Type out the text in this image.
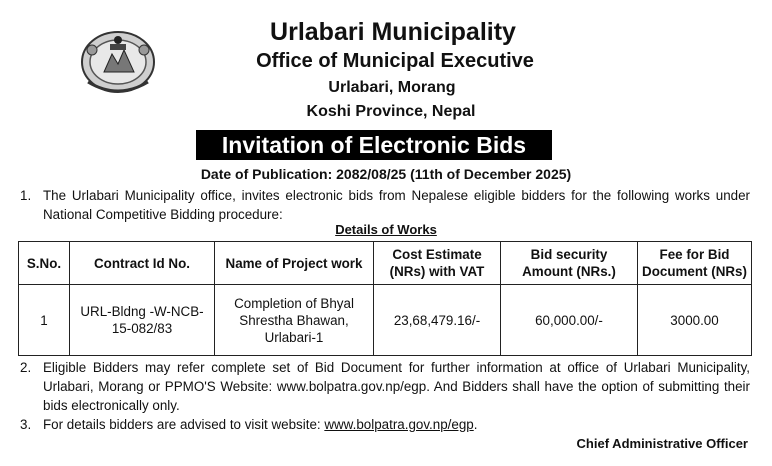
Urlabari Municipality
Office of Municipal Executive
Urlabari, Morang
Koshi Province, Nepal
Invitation of Electronic Bids
Date of Publication: 2082/08/25 (11th of December 2025)
1. The Urlabari Municipality office, invites electronic bids from Nepalese eligible bidders for the following works under National Competitive Bidding procedure:
Details of Works
S.No.	Contract Id No.	Name of Project work	Cost Estimate (NRs) with VAT	Bid security Amount (NRs.)	Fee for Bid Document (NRs)
1	URL-Bldng -W-NCB-15-082/83	Completion of Bhyal Shrestha Bhawan, Urlabari-1	23,68,479.16/-	60,000.00/-	3000.00
2. Eligible Bidders may refer complete set of Bid Document for further information at office of Urlabari Municipality, Urlabari, Morang or PPMO'S Website: www.bolpatra.gov.np/egp. And Bidders shall have the option of submitting their bids electronically only.
3. For details bidders are advised to visit website: www.bolpatra.gov.np/egp.
Chief Administrative Officer
